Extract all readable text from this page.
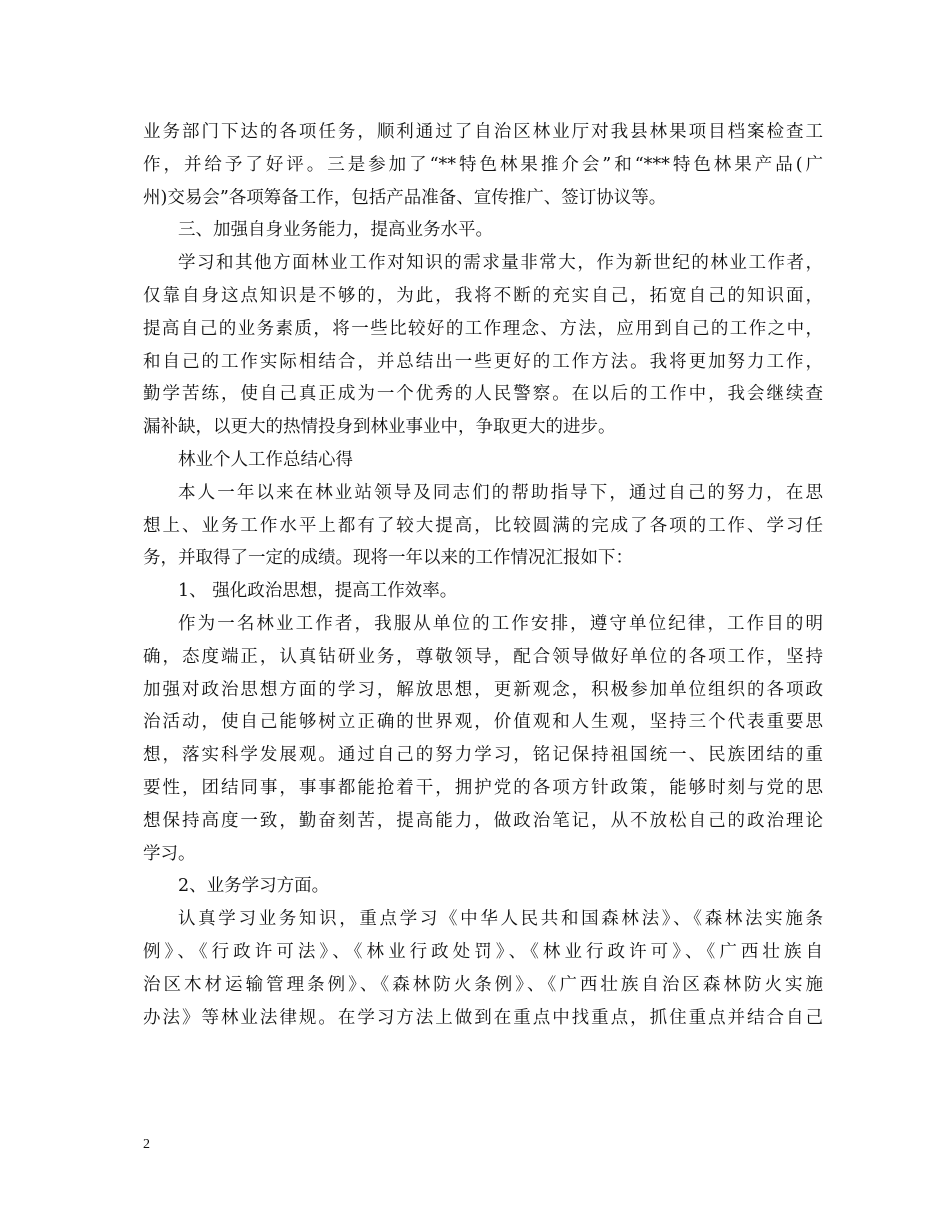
业务部门下达的各项任务，顺利通过了自治区林业厅对我县林果项目档案检查工
作，并给予了好评。三是参加了“**特色林果推介会”和“***特色林果产品(广
州)交易会”各项筹备工作，包括产品准备、宣传推广、签订协议等。
三、加强自身业务能力，提高业务水平。
学习和其他方面林业工作对知识的需求量非常大，作为新世纪的林业工作者，
仅靠自身这点知识是不够的，为此，我将不断的充实自己，拓宽自己的知识面，
提高自己的业务素质，将一些比较好的工作理念、方法，应用到自己的工作之中，
和自己的工作实际相结合，并总结出一些更好的工作方法。我将更加努力工作，
勤学苦练，使自己真正成为一个优秀的人民警察。在以后的工作中，我会继续查
漏补缺，以更大的热情投身到林业事业中，争取更大的进步。
林业个人工作总结心得
本人一年以来在林业站领导及同志们的帮助指导下，通过自己的努力，在思
想上、业务工作水平上都有了较大提高，比较圆满的完成了各项的工作、学习任
务，并取得了一定的成绩。现将一年以来的工作情况汇报如下：
1、 强化政治思想，提高工作效率。
作为一名林业工作者，我服从单位的工作安排，遵守单位纪律，工作目的明
确，态度端正，认真钻研业务，尊敬领导，配合领导做好单位的各项工作，坚持
加强对政治思想方面的学习，解放思想，更新观念，积极参加单位组织的各项政
治活动，使自己能够树立正确的世界观，价值观和人生观，坚持三个代表重要思
想，落实科学发展观。通过自己的努力学习，铭记保持祖国统一、民族团结的重
要性，团结同事，事事都能抢着干，拥护党的各项方针政策，能够时刻与党的思
想保持高度一致，勤奋刻苦，提高能力，做政治笔记，从不放松自己的政治理论
学习。
2、业务学习方面。
认真学习业务知识，重点学习《中华人民共和国森林法》、《森林法实施条
例》、《行政许可法》、《林业行政处罚》、《林业行政许可》、《广西壮族自
治区木材运输管理条例》、《森林防火条例》、《广西壮族自治区森林防火实施
办法》等林业法律规。在学习方法上做到在重点中找重点，抓住重点并结合自己
2
